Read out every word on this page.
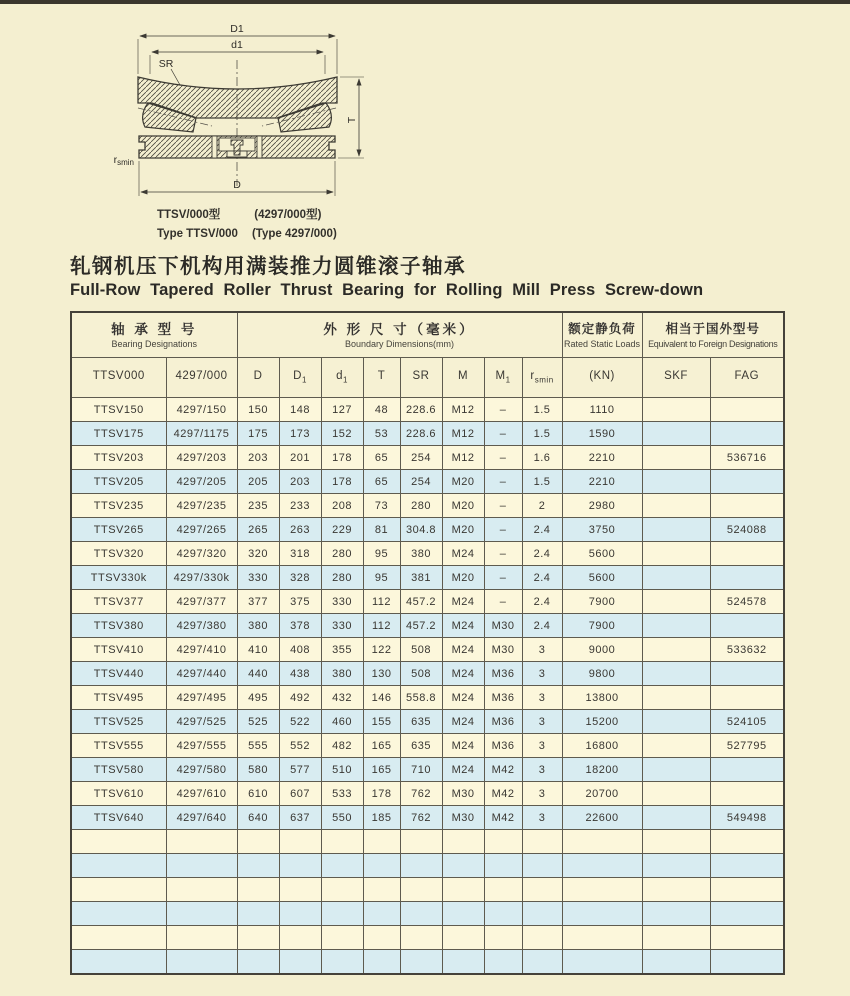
D1
d1
SR
T
rsmin
D
TTSV/000型	(4297/000型)
Type TTSV/000 (Type 4297/000)
轧钢机压下机构用满装推力圆锥滚子轴承
Full-Row Tapered Roller Thrust Bearing for Rolling Mill Press Screw-down
轴 承 型 号
Bearing Designations

外 形 尺 寸（毫米）
Boundary Dimensions(mm)

额定静负荷
Rated Static Loads

相当于国外型号
Equivalent to Foreign Designations

TTSV000	4297/000	D	$D_1$	$d_1$	T	SR	M	$M_1$	$r_{smin}$	(KN)	SKF	FAG
TTSV150	4297/150	150	148	127	48	228.6	M12	–	1.5	1110		
TTSV175	4297/1175	175	173	152	53	228.6	M12	–	1.5	1590		
TTSV203	4297/203	203	201	178	65	254	M12	–	1.6	2210		536716
TTSV205	4297/205	205	203	178	65	254	M20	–	1.5	2210		
TTSV235	4297/235	235	233	208	73	280	M20	–	2	2980		
TTSV265	4297/265	265	263	229	81	304.8	M20	–	2.4	3750		524088
TTSV320	4297/320	320	318	280	95	380	M24	–	2.4	5600		
TTSV330k	4297/330k	330	328	280	95	381	M20	–	2.4	5600		
TTSV377	4297/377	377	375	330	112	457.2	M24	–	2.4	7900		524578
TTSV380	4297/380	380	378	330	112	457.2	M24	M30	2.4	7900		
TTSV410	4297/410	410	408	355	122	508	M24	M30	3	9000		533632
TTSV440	4297/440	440	438	380	130	508	M24	M36	3	9800		
TTSV495	4297/495	495	492	432	146	558.8	M24	M36	3	13800		
TTSV525	4297/525	525	522	460	155	635	M24	M36	3	15200		524105
TTSV555	4297/555	555	552	482	165	635	M24	M36	3	16800		527795
TTSV580	4297/580	580	577	510	165	710	M24	M42	3	18200		
TTSV610	4297/610	610	607	533	178	762	M30	M42	3	20700		
TTSV640	4297/640	640	637	550	185	762	M30	M42	3	22600		549498
